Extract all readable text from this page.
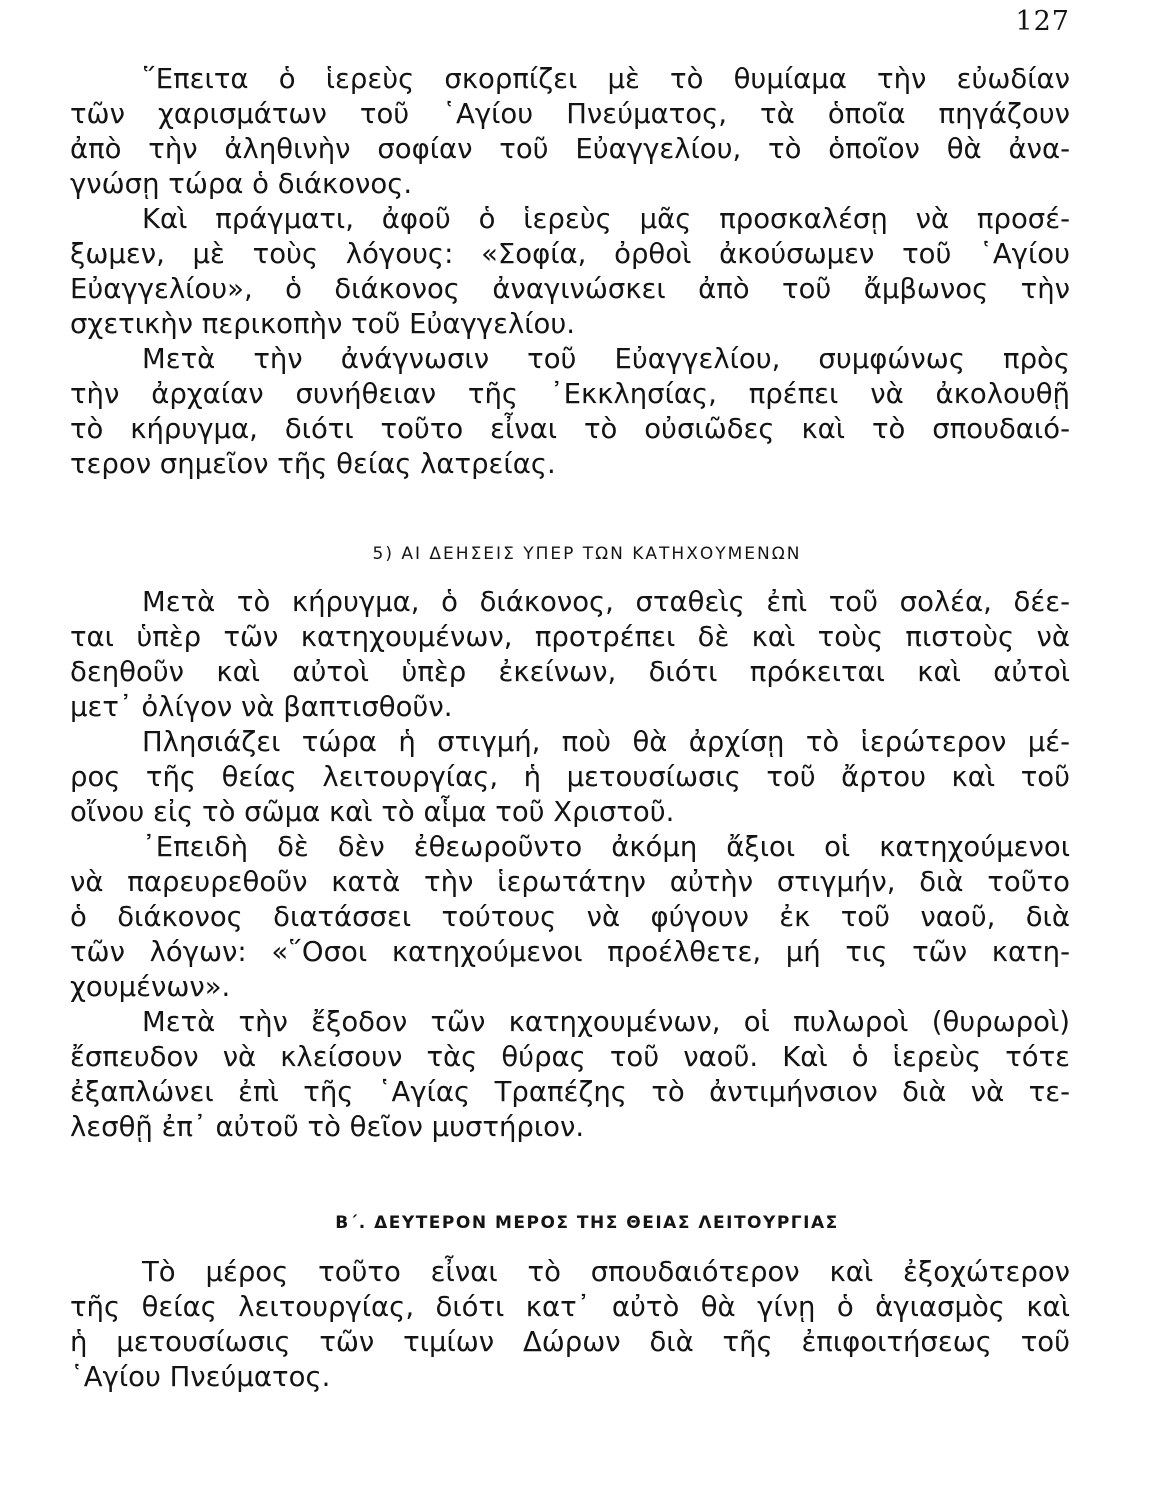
127
῞Επειτα ὁ ἱερεὺς σκορπίζει μὲ τὸ θυμίαμα τὴν εὐωδίαν
τῶν χαρισμάτων τοῦ ῾Αγίου Πνεύματος, τὰ ὁποῖα πηγάζουν
ἀπὸ τὴν ἀληθινὴν σοφίαν τοῦ Εὐαγγελίου, τὸ ὁποῖον θὰ ἀνα-
γνώσῃ τώρα ὁ διάκονος.
Καὶ πράγματι, ἀφοῦ ὁ ἱερεὺς μᾶς προσκαλέσῃ νὰ προσέ-
ξωμεν, μὲ τοὺς λόγους: «Σοφία, ὀρθοὶ ἀκούσωμεν τοῦ ῾Αγίου
Εὐαγγελίου», ὁ διάκονος ἀναγινώσκει ἀπὸ τοῦ ἄμβωνος τὴν
σχετικὴν περικοπὴν τοῦ Εὐαγγελίου.
Μετὰ τὴν ἀνάγνωσιν τοῦ Εὐαγγελίου, συμφώνως πρὸς
τὴν ἀρχαίαν συνήθειαν τῆς ᾽Εκκλησίας, πρέπει νὰ ἀκολουθῇ
τὸ κήρυγμα, διότι τοῦτο εἶναι τὸ οὐσιῶδες καὶ τὸ σπουδαιό-
τερον σημεῖον τῆς θείας λατρείας.
5) ΑΙ ΔΕΗΣΕΙΣ ΥΠΕΡ ΤΩΝ ΚΑΤΗΧΟΥΜΕΝΩΝ
Μετὰ τὸ κήρυγμα, ὁ διάκονος, σταθεὶς ἐπὶ τοῦ σολέα, δέε-
ται ὑπὲρ τῶν κατηχουμένων, προτρέπει δὲ καὶ τοὺς πιστοὺς νὰ
δεηθοῦν καὶ αὐτοὶ ὑπὲρ ἐκείνων, διότι πρόκειται καὶ αὐτοὶ
μετ᾽ ὀλίγον νὰ βαπτισθοῦν.
Πλησιάζει τώρα ἡ στιγμή, ποὺ θὰ ἀρχίσῃ τὸ ἱερώτερον μέ-
ρος τῆς θείας λειτουργίας, ἡ μετουσίωσις τοῦ ἄρτου καὶ τοῦ
οἴνου εἰς τὸ σῶμα καὶ τὸ αἷμα τοῦ Χριστοῦ.
᾽Επειδὴ δὲ δὲν ἐθεωροῦντο ἀκόμη ἄξιοι οἱ κατηχούμενοι
νὰ παρευρεθοῦν κατὰ τὴν ἱερωτάτην αὐτὴν στιγμήν, διὰ τοῦτο
ὁ διάκονος διατάσσει τούτους νὰ φύγουν ἐκ τοῦ ναοῦ, διὰ
τῶν λόγων: «῞Οσοι κατηχούμενοι προέλθετε, μή τις τῶν κατη-
χουμένων».
Μετὰ τὴν ἔξοδον τῶν κατηχουμένων, οἱ πυλωροὶ (θυρωροὶ)
ἔσπευδον νὰ κλείσουν τὰς θύρας τοῦ ναοῦ. Καὶ ὁ ἱερεὺς τότε
ἐξαπλώνει ἐπὶ τῆς ῾Αγίας Τραπέζης τὸ ἀντιμήνσιον διὰ νὰ τε-
λεσθῇ ἐπ᾽ αὐτοῦ τὸ θεῖον μυστήριον.
Β΄. ΔΕΥΤΕΡΟΝ ΜΕΡΟΣ ΤΗΣ ΘΕΙΑΣ ΛΕΙΤΟΥΡΓΙΑΣ
Τὸ μέρος τοῦτο εἶναι τὸ σπουδαιότερον καὶ ἐξοχώτερον
τῆς θείας λειτουργίας, διότι κατ᾽ αὐτὸ θὰ γίνῃ ὁ ἁγιασμὸς καὶ
ἡ μετουσίωσις τῶν τιμίων Δώρων διὰ τῆς ἐπιφοιτήσεως τοῦ
῾Αγίου Πνεύματος.
